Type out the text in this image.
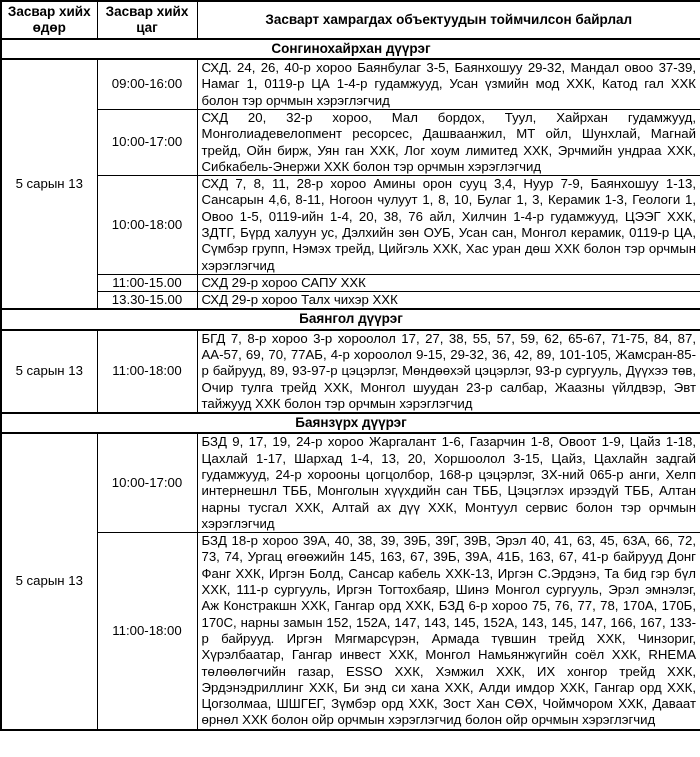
Засвар хийх өдөр	Засвар хийх цаг	Засварт хамрагдах объектуудын тоймчилсон байрлал
Сонгинохайрхан дүүрэг		
5 сарын 13	09:00-16:00	СХД. 24, 26, 40-р хороо Баянбулаг 3-5, Баянхошуу 29-32, Мандал овоо 37-39, Намаг 1, 0119-р ЦА 1-4-р гудамжууд, Усан үзмийн мод ХХК, Катод гал ХХК болон тэр орчмын хэрэглэгчид
	10:00-17:00	СХД 20, 32-р хороо, Мал бордох, Туул, Хайрхан гудамжууд, Монголиадевелопмент ресорсес, Дашваанжил, МТ ойл, Шунхлай, Магнай трейд, Ойн бирж, Уян ган ХХК, Лог хоум лимитед ХХК, Эрчмийн ундраа ХХК, Сибкабель-Энержи ХХК болон тэр орчмын хэрэглэгчид
	10:00-18:00	СХД 7, 8, 11, 28-р хороо Амины орон сууц 3,4, Нуур 7-9, Баянхошуу 1-13, Сансарын 4,6, 8-11, Ногоон чулуут 1, 8, 10, Булаг 1, 3, Керамик 1-3, Геологи 1, Овоо 1-5, 0119-ийн 1-4, 20, 38, 76 айл, Хилчин 1-4-р гудамжууд, ЦЭЭГ ХХК, ЗДТГ, Бүрд халуун ус, Дэлхийн зөн ОУБ, Усан сан, Монгол керамик, 0119-р ЦА, Сүмбэр групп, Нэмэх трейд, Цийгэль ХХК, Хас уран дөш ХХК болон тэр орчмын хэрэглэгчид
	11:00-15.00	СХД 29-р хороо САПУ ХХК
	13.30-15.00	СХД 29-р хороо Талх чихэр ХХК
Баянгол дүүрэг		
5 сарын 13	11:00-18:00	БГД 7, 8-р хороо 3-р хороолол 17, 27, 38, 55, 57, 59, 62, 65-67, 71-75, 84, 87, АА-57, 69, 70, 77АБ, 4-р хороолол 9-15, 29-32, 36, 42, 89, 101-105, Жамсран-85-р байрууд, 89, 93-97-р цэцэрлэг, Мөндөөхэй цэцэрлэг, 93-р сургууль, Дүүхээ төв, Очир тулга трейд ХХК, Монгол шуудан 23-р салбар, Жаазны үйлдвэр, Эвт тайжууд ХХК болон тэр орчмын хэрэглэгчид
Баянзүрх дүүрэг		
5 сарын 13	10:00-17:00	БЗД 9, 17, 19, 24-р хороо Жаргалант 1-6, Газарчин 1-8, Овоот 1-9, Цайз 1-18, Цахлай 1-17, Шархад 1-4, 13, 20, Хоршоолол 3-15, Цайз, Цахлайн задгай гудамжууд, 24-р хорооны цогцолбор, 168-р цэцэрлэг, ЗХ-ний 065-р анги, Хелп интернешнл ТББ, Монголын хүүхдийн сан ТББ, Цэцэглэх ирээдүй ТББ, Алтан нарны тусгал ХХК, Алтай ах дүү ХХК, Монтуул сервис болон тэр орчмын хэрэглэгчид
	11:00-18:00	БЗД 18-р хороо 39А, 40, 38, 39, 39Б, 39Г, 39В, Эрэл 40, 41, 63, 45, 63А, 66, 72, 73, 74, Ургац өгөөжийн 145, 163, 67, 39Б, 39А, 41Б, 163, 67, 41-р байрууд Донг Фанг ХХК, Иргэн Болд, Сансар кабель ХХК-13, Иргэн С.Эрдэнэ, Та бид гэр бүл ХХК, 111-р сургууль, Иргэн Тогтохбаяр, Шинэ Монгол сургууль, Эрэл эмнэлэг, Аж Констракшн ХХК, Гангар орд ХХК, БЗД 6-р хороо 75, 76, 77, 78, 170А, 170Б, 170С, нарны замын 152, 152А, 147, 143, 145, 152А, 143, 145, 147, 166, 167, 133-р байрууд. Иргэн Мягмарсүрэн, Армада түвшин трейд ХХК, Чинзориг, Хүрэлбаатар, Гангар инвест ХХК, Монгол Намьянжүгийн соёл ХХК, RHEMA төлөөлөгчийн газар, ESSO ХХК, Хэмжил ХХК, ИХ хонгор трейд ХХК, Эрдэнэдриллинг ХХК, Би энд си хана ХХК, Алди имдор ХХК, Гангар орд ХХК, Цогзолмаа, ШШГЕГ, Зүмбэр орд ХХК, Зост Хан СӨХ, Чоймчором ХХК, Даваат өрнөл ХХК болон ойр орчмын хэрэглэгчид болон ойр орчмын хэрэглэгчид
